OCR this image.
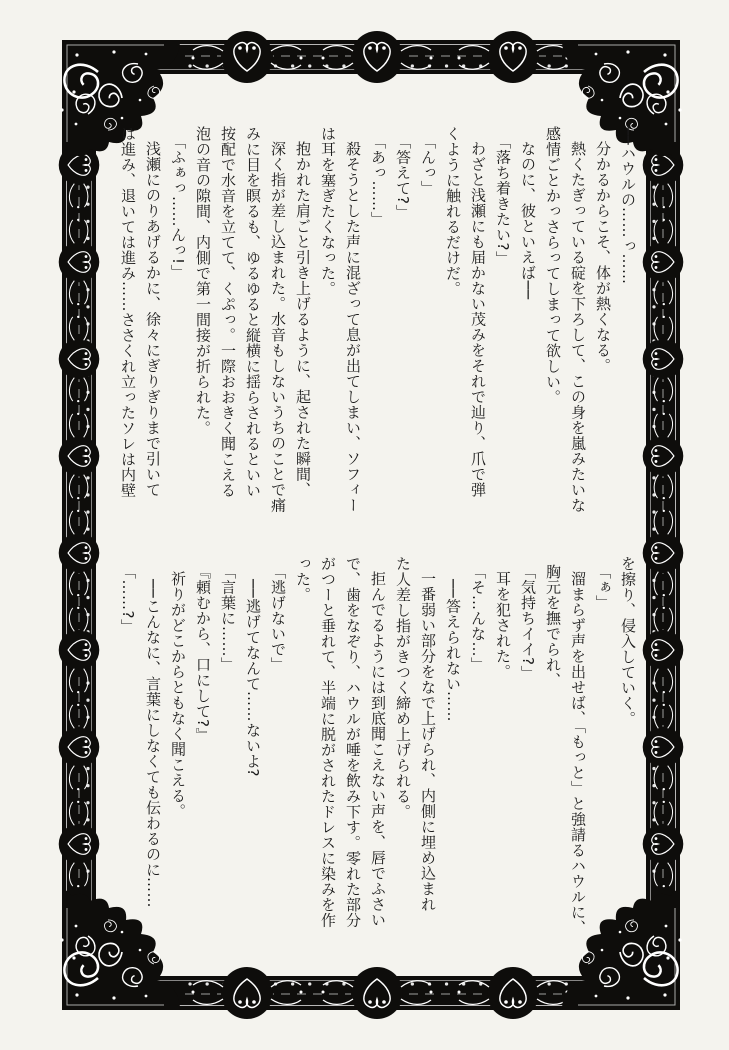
──ハウルの……っ……
分かるからこそ、体が熱くなる。
熱くたぎっている碇を下ろして、この身を嵐みたいな
感情ごとかっさらってしまって欲しい。
なのに、彼といえば──
「落ち着きたい?」
わざと浅瀬にも届かない茂みをそれで辿り、爪で弾
くように触れるだけだ。
「んっ」
「答えて?」
「あっ……」
殺そうとした声に混ざって息が出てしまい、ソフィー
は耳を塞ぎたくなった。
抱かれた肩ごと引き上げるように、起された瞬間、
深く指が差し込まれた。水音もしないうちのことで痛
みに目を瞑るも、ゆるゆると縦横に揺らされるといい
按配で水音を立てて、くぷっ。一際おおきく聞こえる
泡の音の隙間、内側で第一間接が折られた。
「ふぁっ……んっ!」
浅瀬にのりあげるかに、徐々にぎりぎりまで引いて
は進み、退いては進み……ささくれ立ったソレは内壁
を擦り、侵入していく。
「ぁ」
溜まらず声を出せば、「もっと」と強請るハウルに、
胸元を撫でられ、
「気持ちイイ?」
耳を犯された。
「そ…んな…」
──答えられない……
一番弱い部分をなで上げられ、内側に埋め込まれ
た人差し指がきつく締め上げられる。
拒んでるようには到底聞こえない声を、唇でふさい
で、歯をなぞり、ハウルが唾を飲み下す。零れた部分
がつーと垂れて、半端に脱がされたドレスに染みを作
った。
「逃げないで」
──逃げてなんて……ないよ?
「言葉に……」
『頼むから、口にして?』
祈りがどこからともなく聞こえる。
──こんなに、言葉にしなくても伝わるのに……
「……?」
